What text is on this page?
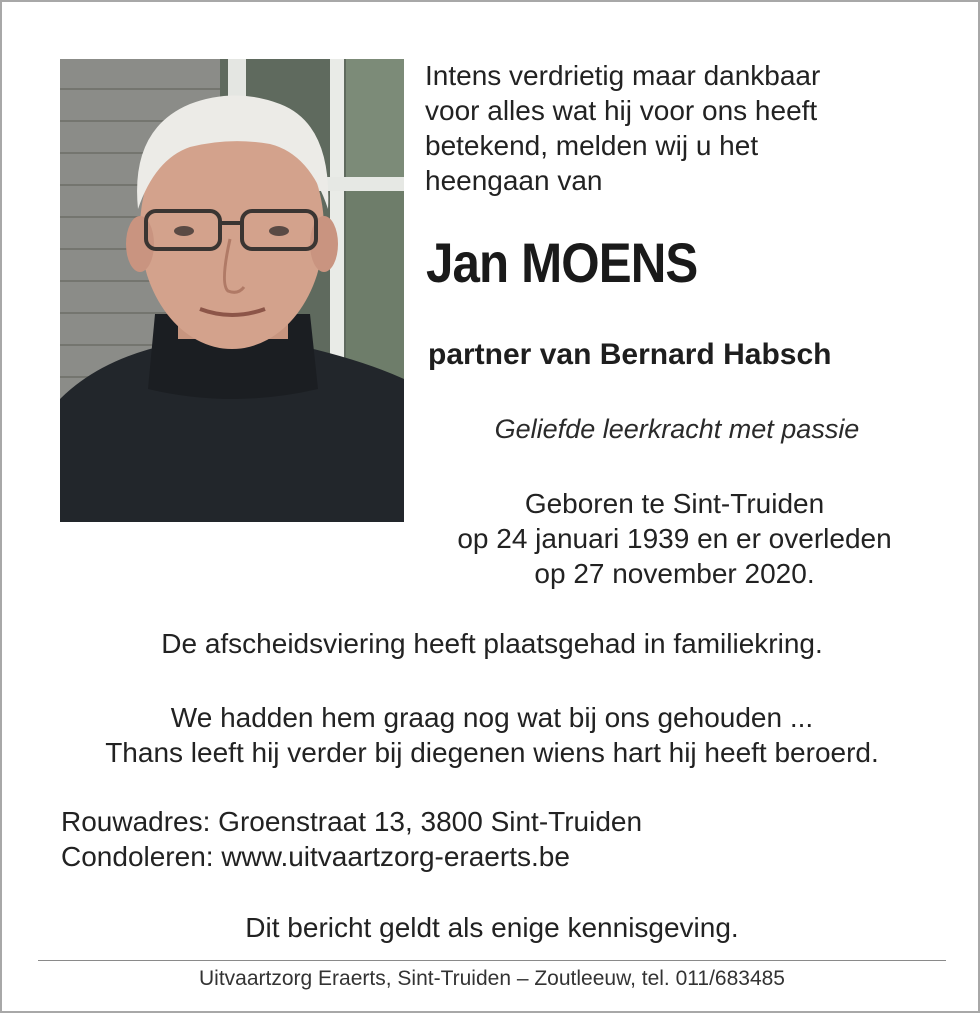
Intens verdrietig maar dankbaar
voor alles wat hij voor ons heeft
betekend, melden wij u het
heengaan van
Jan MOENS
partner van Bernard Habsch
Geliefde leerkracht met passie
Geboren te Sint-Truiden
op 24 januari 1939 en er overleden
op 27 november 2020.
De afscheidsviering heeft plaatsgehad in familiekring.
We hadden hem graag nog wat bij ons gehouden ...
Thans leeft hij verder bij diegenen wiens hart hij heeft beroerd.
Rouwadres: Groenstraat 13, 3800 Sint-Truiden
Condoleren: www.uitvaartzorg-eraerts.be
Dit bericht geldt als enige kennisgeving.
Uitvaartzorg Eraerts, Sint-Truiden – Zoutleeuw, tel. 011/683485
